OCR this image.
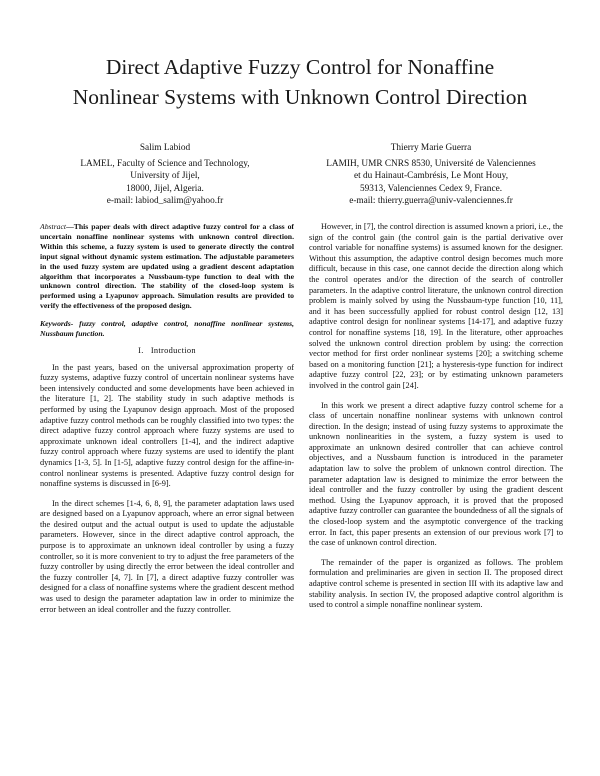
Direct Adaptive Fuzzy Control for Nonaffine
Nonlinear Systems with Unknown Control Direction
Salim Labiod
LAMEL, Faculty of Science and Technology,
University of Jijel,
18000, Jijel, Algeria.
e-mail: labiod_salim@yahoo.fr
Thierry Marie Guerra
LAMIH, UMR CNRS 8530, Université de Valenciennes
et du Hainaut-Cambrésis, Le Mont Houy,
59313, Valenciennes Cedex 9, France.
e-mail: thierry.guerra@univ-valenciennes.fr

Abstract—This paper deals with direct adaptive fuzzy control for a class of uncertain nonaffine nonlinear systems with unknown control direction. Within this scheme, a fuzzy system is used to generate directly the control input signal without dynamic system estimation. The adjustable parameters in the used fuzzy system are updated using a gradient descent adaptation algorithm that incorporates a Nussbaum-type function to deal with the unknown control direction. The stability of the closed-loop system is performed using a Lyapunov approach. Simulation results are provided to verify the effectiveness of the proposed design.

Keywords- fuzzy control, adaptive control, nonaffine nonlinear systems, Nussbaum function.

I. Introduction

In the past years, based on the universal approximation property of fuzzy systems, adaptive fuzzy control of uncertain nonlinear systems have been intensively conducted and some developments have been achieved in the literature [1, 2]. The stability study in such adaptive methods is performed by using the Lyapunov design approach. Most of the proposed adaptive fuzzy control methods can be roughly classified into two types: the direct adaptive fuzzy control approach where fuzzy systems are used to approximate unknown ideal controllers [1-4], and the indirect adaptive fuzzy control approach where fuzzy systems are used to identify the plant dynamics [1-3, 5]. In [1-5], adaptive fuzzy control design for the affine-in-control nonlinear systems is presented. Adaptive fuzzy control design for nonaffine systems is discussed in [6-9].

In the direct schemes [1-4, 6, 8, 9], the parameter adaptation laws used are designed based on a Lyapunov approach, where an error signal between the desired output and the actual output is used to update the adjustable parameters. However, since in the direct adaptive control approach, the purpose is to approximate an unknown ideal controller by using a fuzzy controller, so it is more convenient to try to adjust the free parameters of the fuzzy controller by using directly the error between the ideal controller and the fuzzy controller [4, 7]. In [7], a direct adaptive fuzzy controller was designed for a class of nonaffine systems where the gradient descent method was used to design the parameter adaptation law in order to minimize the error between an ideal controller and the fuzzy controller.

However, in [7], the control direction is assumed known a priori, i.e., the sign of the control gain (the control gain is the partial derivative over control variable for nonaffine systems) is assumed known for the designer. Without this assumption, the adaptive control design becomes much more difficult, because in this case, one cannot decide the direction along which the control operates and/or the direction of the search of controller parameters. In the adaptive control literature, the unknown control direction problem is mainly solved by using the Nussbaum-type function [10, 11], and it has been successfully applied for robust control design [12, 13] adaptive control design for nonlinear systems [14-17], and adaptive fuzzy control for nonaffine systems [18, 19]. In the literature, other approaches solved the unknown control direction problem by using: the correction vector method for first order nonlinear systems [20]; a switching scheme based on a monitoring function [21]; a hysteresis-type function for indirect adaptive fuzzy control [22, 23]; or by estimating unknown parameters involved in the control gain [24].

In this work we present a direct adaptive fuzzy control scheme for a class of uncertain nonaffine nonlinear systems with unknown control direction. In the design; instead of using fuzzy systems to approximate the unknown nonlinearities in the system, a fuzzy system is used to approximate an unknown desired controller that can achieve control objectives, and a Nussbaum function is introduced in the parameter adaptation law to solve the problem of unknown control direction. The parameter adaptation law is designed to minimize the error between the ideal controller and the fuzzy controller by using the gradient descent method. Using the Lyapunov approach, it is proved that the proposed adaptive fuzzy controller can guarantee the boundedness of all the signals of the closed-loop system and the asymptotic convergence of the tracking error. In fact, this paper presents an extension of our previous work [7] to the case of unknown control direction.

The remainder of the paper is organized as follows. The problem formulation and preliminaries are given in section II. The proposed direct adaptive control scheme is presented in section III with its adaptive law and stability analysis. In section IV, the proposed adaptive control algorithm is used to control a simple nonaffine nonlinear system.
